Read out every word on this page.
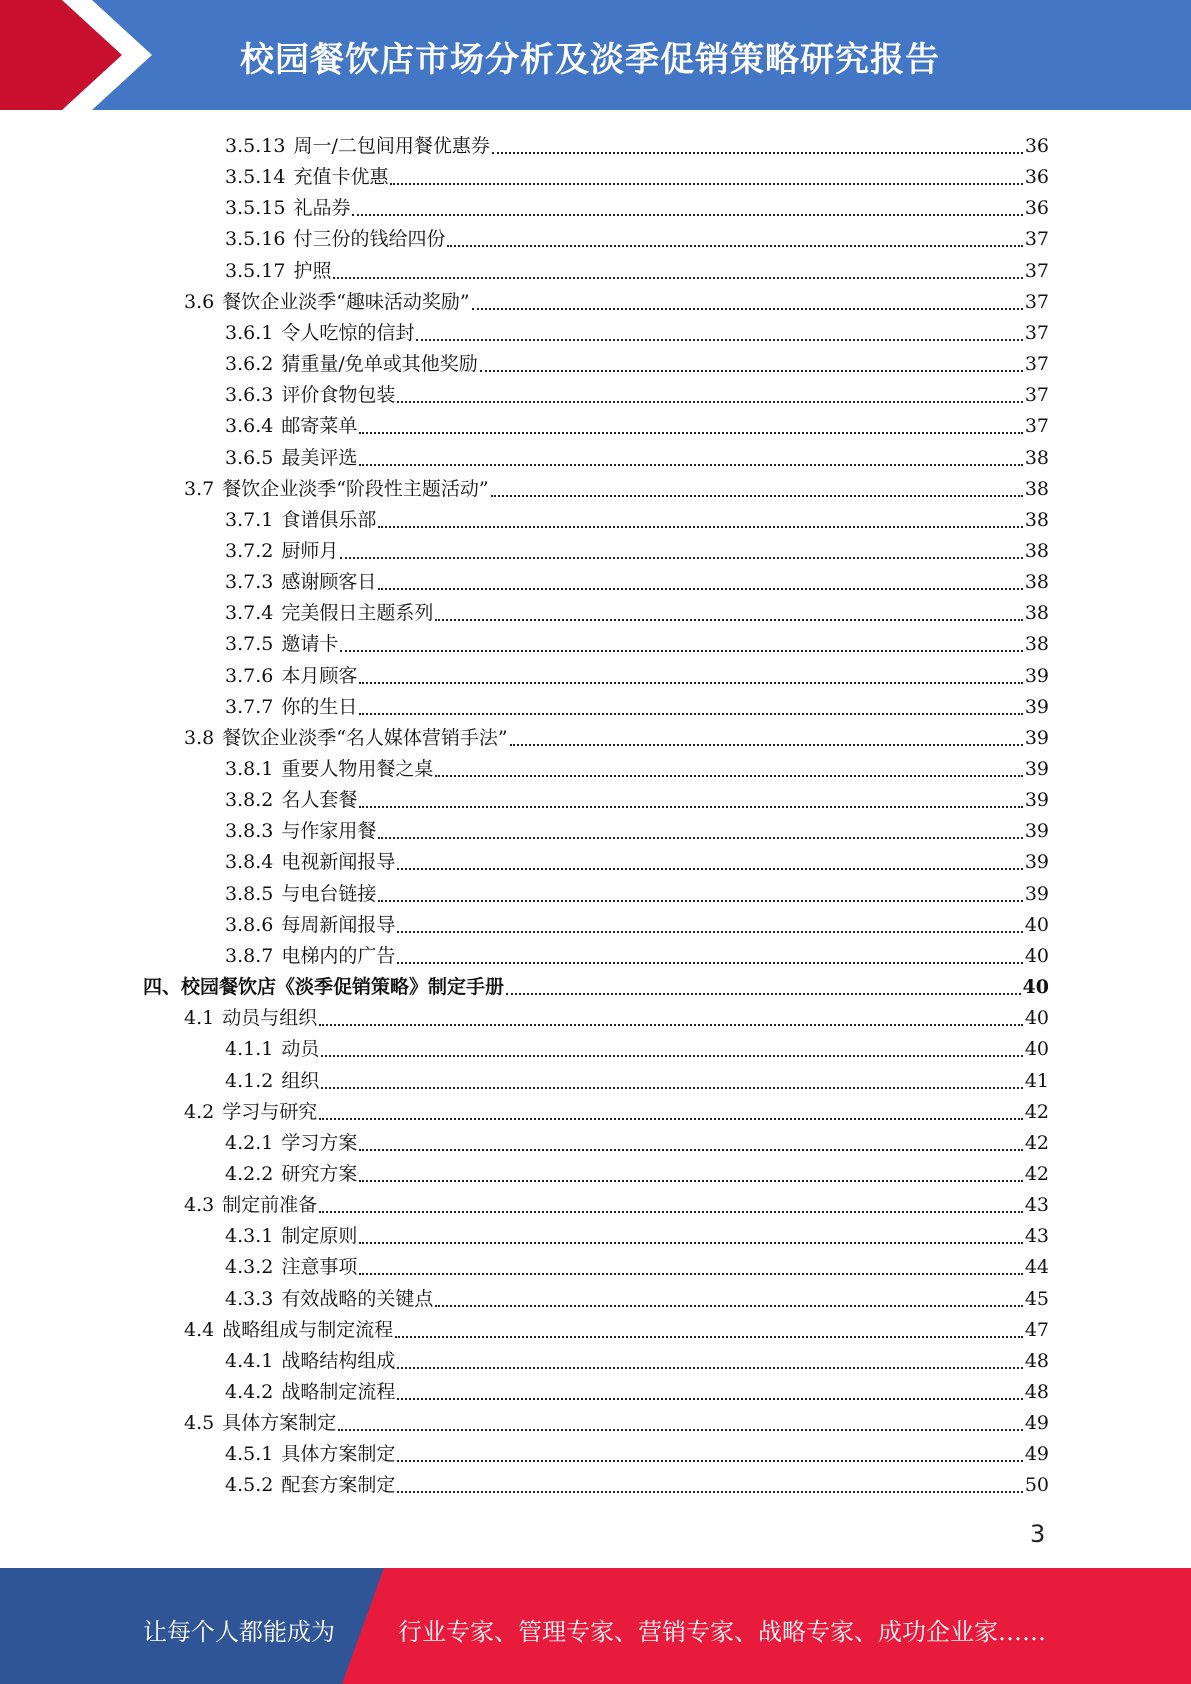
校园餐饮店市场分析及淡季促销策略研究报告
3.5.13 周一/二包间用餐优惠券	36
3.5.14 充值卡优惠	36
3.5.15 礼品券	36
3.5.16 付三份的钱给四份	37
3.5.17 护照	37
3.6 餐饮企业淡季“趣味活动奖励”	37
3.6.1 令人吃惊的信封	37
3.6.2 猜重量/免单或其他奖励	37
3.6.3 评价食物包装	37
3.6.4 邮寄菜单	37
3.6.5 最美评选	38
3.7 餐饮企业淡季“阶段性主题活动”	38
3.7.1 食谱俱乐部	38
3.7.2 厨师月	38
3.7.3 感谢顾客日	38
3.7.4 完美假日主题系列	38
3.7.5 邀请卡	38
3.7.6 本月顾客	39
3.7.7 你的生日	39
3.8 餐饮企业淡季“名人媒体营销手法”	39
3.8.1 重要人物用餐之桌	39
3.8.2 名人套餐	39
3.8.3 与作家用餐	39
3.8.4 电视新闻报导	39
3.8.5 与电台链接	39
3.8.6 每周新闻报导	40
3.8.7 电梯内的广告	40
四、校园餐饮店《淡季促销策略》制定手册	40
4.1 动员与组织	40
4.1.1 动员	40
4.1.2 组织	41
4.2 学习与研究	42
4.2.1 学习方案	42
4.2.2 研究方案	42
4.3 制定前准备	43
4.3.1 制定原则	43
4.3.2 注意事项	44
4.3.3 有效战略的关键点	45
4.4 战略组成与制定流程	47
4.4.1 战略结构组成	48
4.4.2 战略制定流程	48
4.5 具体方案制定	49
4.5.1 具体方案制定	49
4.5.2 配套方案制定	50
3
让每个人都能成为	行业专家、管理专家、营销专家、战略专家、成功企业家……
